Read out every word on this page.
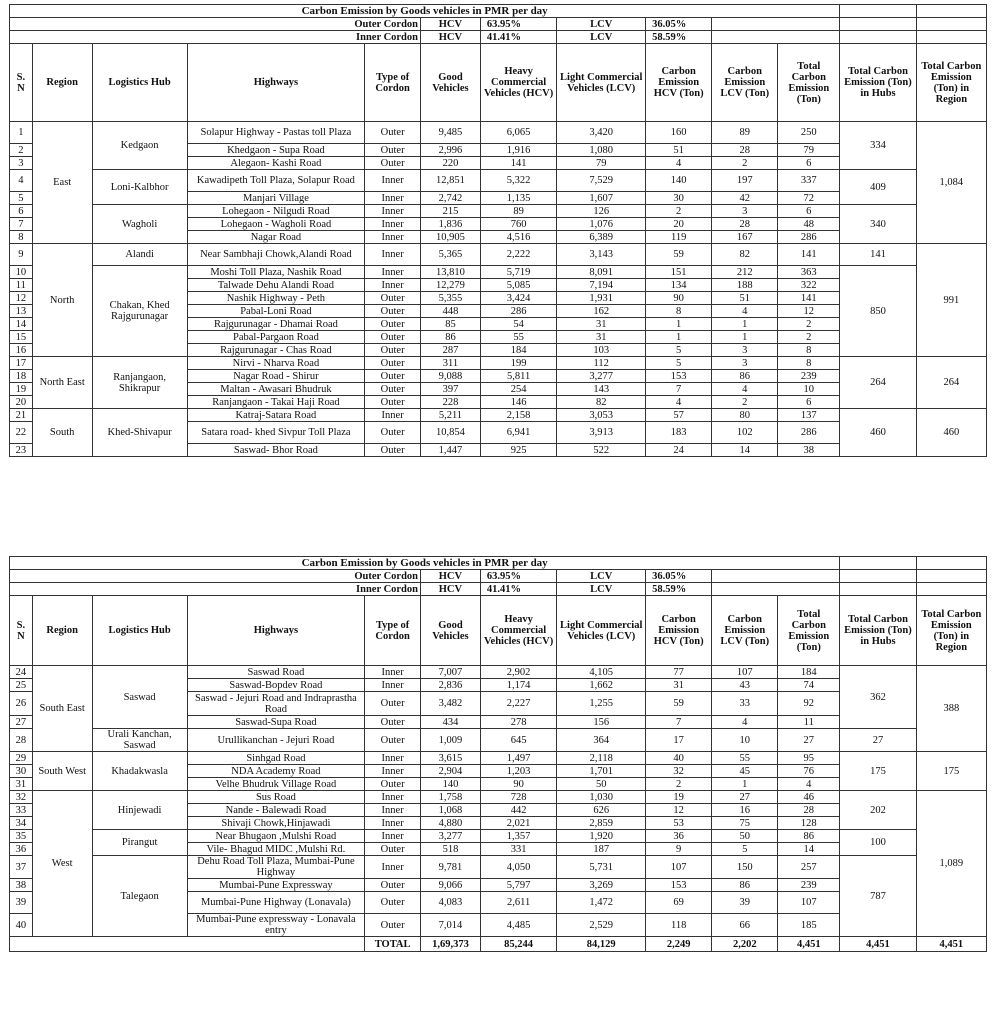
Carbon Emission by Goods vehicles in PMR per day												
Outer Cordon					HCV	63.95%	LCV	36.05%				
Inner Cordon					HCV	41.41%	LCV	58.59%				
S. N	Region	Logistics Hub	Highways	Type of Cordon	Good Vehicles	Heavy Commercial Vehicles (HCV)	Light Commercial Vehicles (LCV)	Carbon Emission HCV (Ton)	Carbon Emission LCV (Ton)	Total Carbon Emission (Ton)	Total Carbon Emission (Ton) in Hubs	Total Carbon Emission (Ton) in Region
1	East	Kedgaon	Solapur Highway - Pastas toll Plaza	Outer	9,485	6,065	3,420	160	89	250	334	1,084
2			Khedgaon - Supa Road	Outer	2,996	1,916	1,080	51	28	79		
3			Alegaon- Kashi Road	Outer	220	141	79	4	2	6		
4		Loni-Kalbhor	Kawadipeth Toll Plaza, Solapur Road	Inner	12,851	5,322	7,529	140	197	337	409	
5			Manjari Village	Inner	2,742	1,135	1,607	30	42	72		
6		Wagholi	Lohegaon - Nilgudi Road	Inner	215	89	126	2	3	6	340	
7			Lohegaon - Wagholi Road	Inner	1,836	760	1,076	20	28	48		
8			Nagar Road	Inner	10,905	4,516	6,389	119	167	286		
9	North	Alandi	Near Sambhaji Chowk,Alandi Road	Inner	5,365	2,222	3,143	59	82	141	141	991
10		Chakan, Khed Rajgurunagar	Moshi Toll Plaza, Nashik Road	Inner	13,810	5,719	8,091	151	212	363	850	
11			Talwade Dehu Alandi Road	Inner	12,279	5,085	7,194	134	188	322		
12			Nashik Highway - Peth	Outer	5,355	3,424	1,931	90	51	141		
13			Pabal-Loni Road	Outer	448	286	162	8	4	12		
14			Rajgurunagar - Dhamai Road	Outer	85	54	31	1	1	2		
15			Pabal-Pargaon Road	Outer	86	55	31	1	1	2		
16			Rajgurunagar - Chas Road	Outer	287	184	103	5	3	8		
17	North East	Ranjangaon, Shikrapur	Nirvi - Nharva Road	Outer	311	199	112	5	3	8	264	264
18			Nagar Road - Shirur	Outer	9,088	5,811	3,277	153	86	239		
19			Maltan - Awasari Bhudruk	Outer	397	254	143	7	4	10		
20			Ranjangaon - Takai Haji Road	Outer	228	146	82	4	2	6		
21	South	Khed-Shivapur	Katraj-Satara Road	Inner	5,211	2,158	3,053	57	80	137	460	460
22			Satara road- khed Sivpur Toll Plaza	Outer	10,854	6,941	3,913	183	102	286		
23			Saswad- Bhor Road	Outer	1,447	925	522	24	14	38		
Carbon Emission by Goods vehicles in PMR per day												
Outer Cordon					HCV	63.95%	LCV	36.05%				
Inner Cordon					HCV	41.41%	LCV	58.59%				
S. N	Region	Logistics Hub	Highways	Type of Cordon	Good Vehicles	Heavy Commercial Vehicles (HCV)	Light Commercial Vehicles (LCV)	Carbon Emission HCV (Ton)	Carbon Emission LCV (Ton)	Total Carbon Emission (Ton)	Total Carbon Emission (Ton) in Hubs	Total Carbon Emission (Ton) in Region
24	South East	Saswad	Saswad Road	Inner	7,007	2,902	4,105	77	107	184	362	388
25			Saswad-Bopdev Road	Inner	2,836	1,174	1,662	31	43	74		
26			Saswad - Jejuri Road and Indraprastha Road	Outer	3,482	2,227	1,255	59	33	92		
27			Saswad-Supa Road	Outer	434	278	156	7	4	11		
28		Urali Kanchan, Saswad	Urullikanchan - Jejuri Road	Outer	1,009	645	364	17	10	27	27	
29	South West	Khadakwasla	Sinhgad Road	Inner	3,615	1,497	2,118	40	55	95	175	175
30			NDA Academy Road	Inner	2,904	1,203	1,701	32	45	76		
31			Velhe Bhudruk Village Road	Outer	140	90	50	2	1	4		
32	West	Hinjewadi	Sus Road	Inner	1,758	728	1,030	19	27	46	202	1,089
33			Nande - Balewadi Road	Inner	1,068	442	626	12	16	28		
34			Shivaji Chowk,Hinjawadi	Inner	4,880	2,021	2,859	53	75	128		
35		Pirangut	Near Bhugaon ,Mulshi Road	Inner	3,277	1,357	1,920	36	50	86	100	
36			Vile- Bhagud MIDC ,Mulshi Rd.	Outer	518	331	187	9	5	14		
37		Talegaon	Dehu Road Toll Plaza, Mumbai-Pune Highway	Inner	9,781	4,050	5,731	107	150	257	787	
38			Mumbai-Pune Expressway	Outer	9,066	5,797	3,269	153	86	239		
39			Mumbai-Pune Highway (Lonavala)	Outer	4,083	2,611	1,472	69	39	107		
40			Mumbai-Pune expressway - Lonavala entry	Outer	7,014	4,485	2,529	118	66	185		
				TOTAL	1,69,373	85,244	84,129	2,249	2,202	4,451	4,451	4,451
